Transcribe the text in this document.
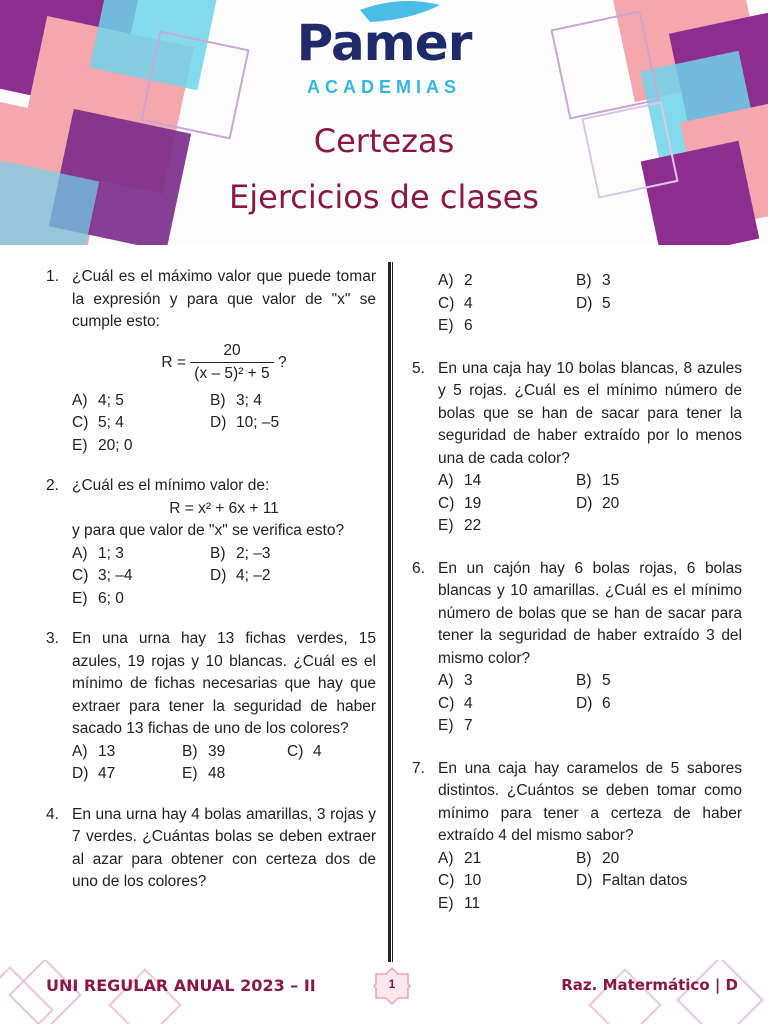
Pamer
ACADEMIAS
Certezas
Ejercicios de clases
1. ¿Cuál es el máximo valor que puede tomar la expresión y para que valor de "x" se cumple esto:
$R = \frac{20}{\text{(x – 5)² + 5}}$ ?
A) 4; 5	B) 3; 4
C) 5; 4	D) 10; –5
E) 20; 0
2. ¿Cuál es el mínimo valor de:
R = x² + 6x + 11
y para que valor de "x" se verifica esto?
A) 1; 3	B) 2; –3
C) 3; –4	D) 4; –2
E) 6; 0
3. En una urna hay 13 fichas verdes, 15 azules, 19 rojas y 10 blancas. ¿Cuál es el mínimo de fichas necesarias que hay que extraer para tener la seguridad de haber sacado 13 fichas de uno de los colores?
A) 13	B) 39	C) 4
D) 47	E) 48
4. En una urna hay 4 bolas amarillas, 3 rojas y 7 verdes. ¿Cuántas bolas se deben extraer al azar para obtener con certeza dos de uno de los colores?
A) 2	B) 3
C) 4	D) 5
E) 6
5. En una caja hay 10 bolas blancas, 8 azules y 5 rojas. ¿Cuál es el mínimo número de bolas que se han de sacar para tener la seguridad de haber extraído por lo menos una de cada color?
A) 14	B) 15
C) 19	D) 20
E) 22
6. En un cajón hay 6 bolas rojas, 6 bolas blancas y 10 amarillas. ¿Cuál es el mínimo número de bolas que se han de sacar para tener la seguridad de haber extraído 3 del mismo color?
A) 3	B) 5
C) 4	D) 6
E) 7
7. En una caja hay caramelos de 5 sabores distintos. ¿Cuántos se deben tomar como mínimo para tener a certeza de haber extraído 4 del mismo sabor?
A) 21	B) 20
C) 10	D) Faltan datos
E) 11
UNI REGULAR ANUAL 2023 – II	1	Raz. Matermático | D
